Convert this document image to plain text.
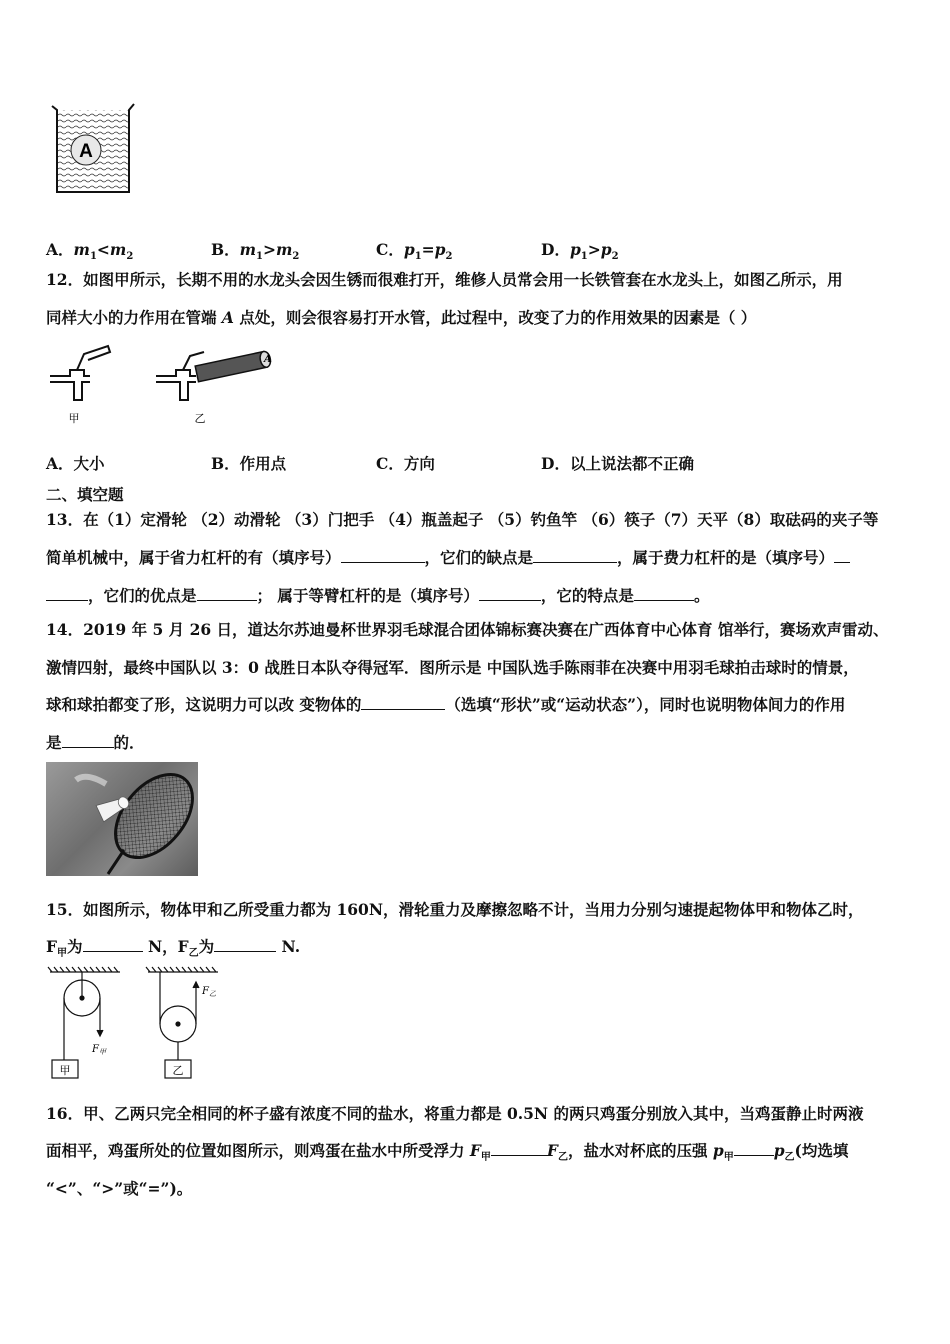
A
A．$m_1<m_2$	B．$m_1>m_2$	C．$p_1=p_2$	D．$p_1>p_2$
12．如图甲所示，长期不用的水龙头会因生锈而很难打开，维修人员常会用一长铁管套在水龙头上，如图乙所示，用
同样大小的力作用在管端 A 点处，则会很容易打开水管，此过程中，改变了力的作用效果的因素是（ ）
甲
A
乙
A．大小	B．作用点	C．方向	D．以上说法都不正确
二、填空题
13．在（1）定滑轮 （2）动滑轮 （3）门把手 （4）瓶盖起子 （5）钓鱼竿 （6）筷子（7）天平（8）取砝码的夹子等
简单机械中，属于省力杠杆的有（填序号）	，它们的缺点是	，属于费力杠杆的是（填序号）
，它们的优点是	； 属于等臂杠杆的是（填序号）	，它的特点是	。
14．2019 年 5 月 26 日，道达尔苏迪曼杯世界羽毛球混合团体锦标赛决赛在广西体育中心体育 馆举行，赛场欢声雷动、
激情四射，最终中国队以 3：0 战胜日本队夺得冠军．图所示是 中国队选手陈雨菲在决赛中用羽毛球拍击球时的情景，
球和球拍都变了形，这说明力可以改 变物体的	（选填“形状”或“运动状态”），同时也说明物体间力的作用
是	的．
15．如图所示，物体甲和乙所受重力都为 160N，滑轮重力及摩擦忽略不计，当用力分别匀速提起物体甲和物体乙时，
$F_甲$为	N，$F_乙$为	N.
$F_甲$
$F_乙$
甲	乙
16．甲、乙两只完全相同的杯子盛有浓度不同的盐水，将重力都是 0.5N 的两只鸡蛋分别放入其中，当鸡蛋静止时两液
面相平，鸡蛋所处的位置如图所示，则鸡蛋在盐水中所受浮力 $F_甲$	$F_乙$，盐水对杯底的压强 $p_甲$	$p_乙$(均选填
“<”、“>”或“=”)。
